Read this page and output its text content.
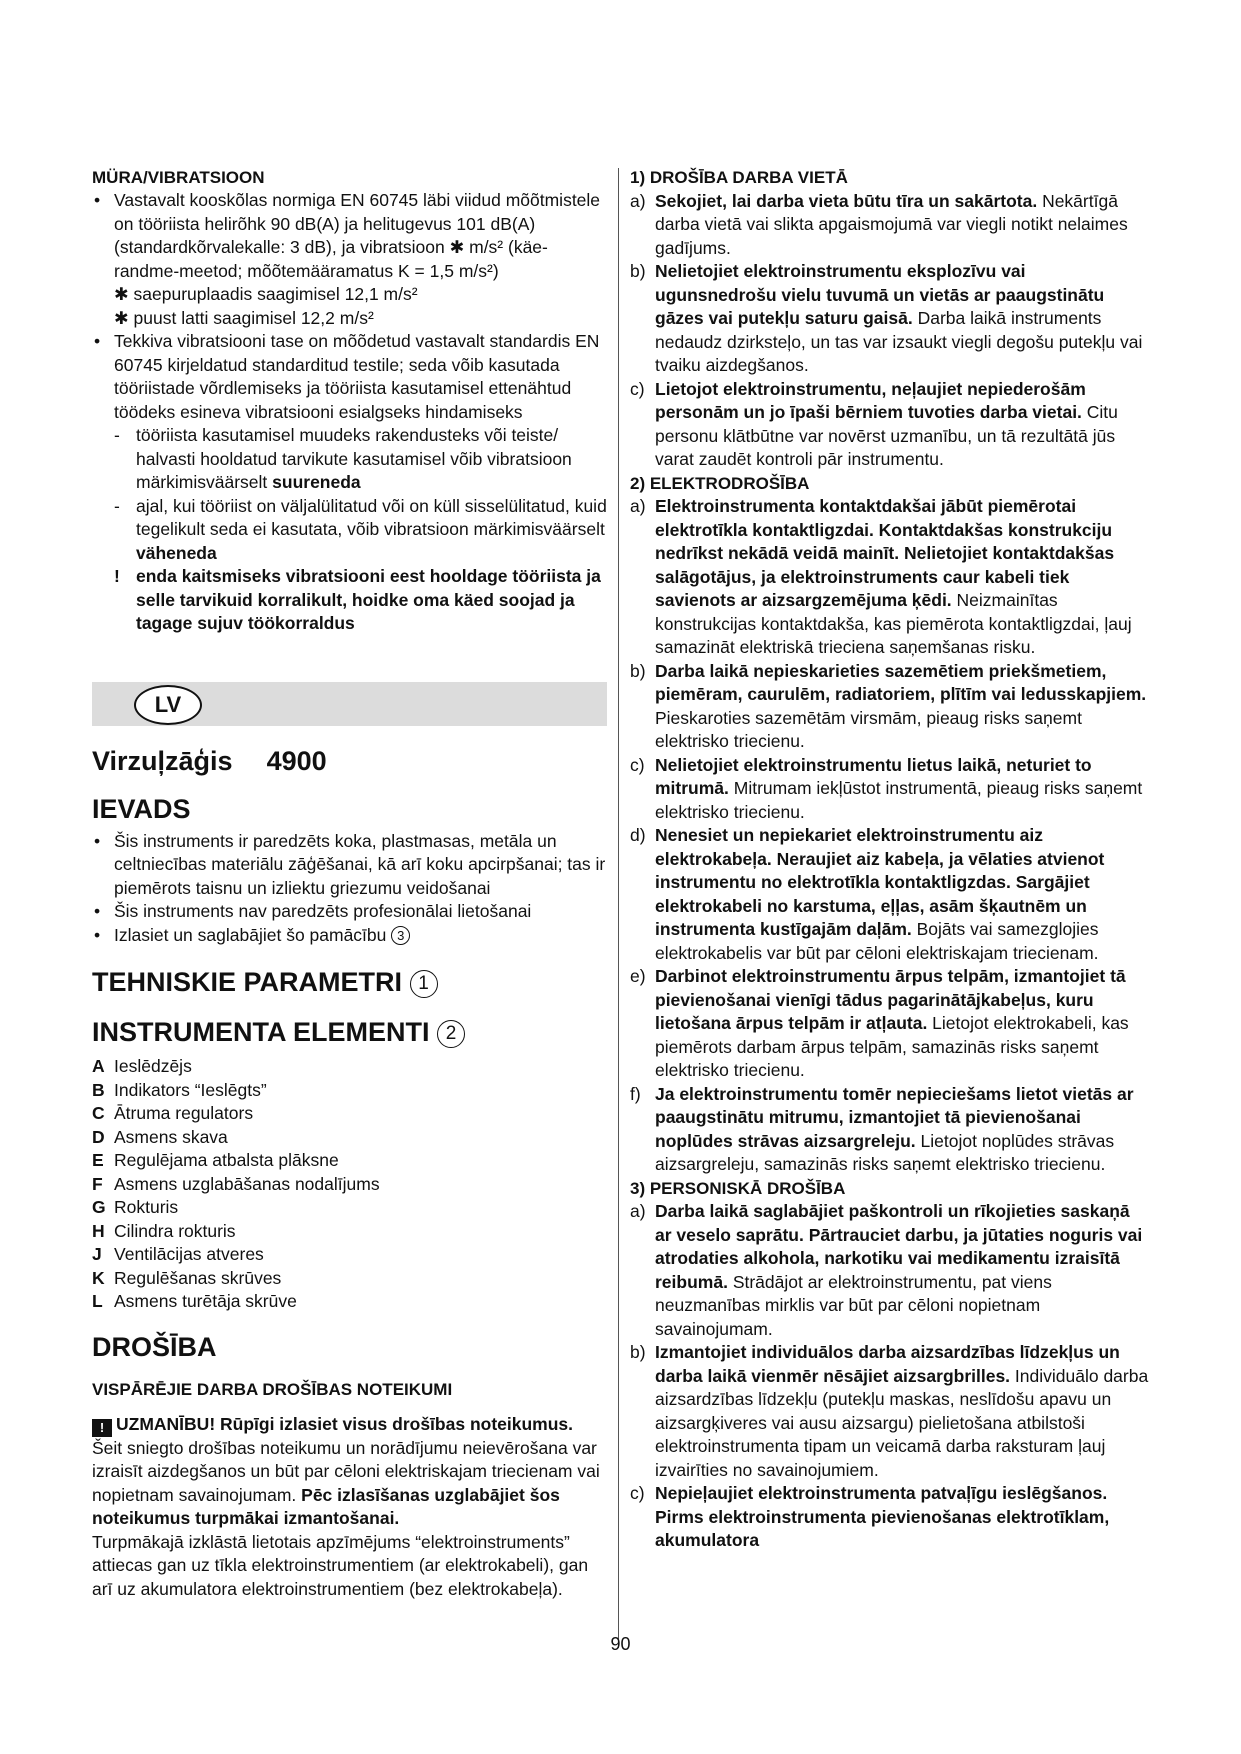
MÜRA/VIBRATSIOON
• Vastavalt kooskõlas normiga EN 60745 läbi viidud mõõtmistele on tööriista helirõhk 90 dB(A) ja helitugevus 101 dB(A) (standardkõrvalekalle: 3 dB), ja vibratsioon ✱ m/s² (käe-randme-meetod; mõõtemääramatus K = 1,5 m/s²)
✱ saepuruplaadis saagimisel 12,1 m/s²
✱ puust latti saagimisel 12,2 m/s²
• Tekkiva vibratsiooni tase on mõõdetud vastavalt standardis EN 60745 kirjeldatud standarditud testile; seda võib kasutada tööriistade võrdlemiseks ja tööriista kasutamisel ettenähtud töödeks esineva vibratsiooni esialgseks hindamiseks
- tööriista kasutamisel muudeks rakendusteks või teiste/ halvasti hooldatud tarvikute kasutamisel võib vibratsioon märkimisväärselt suureneda
- ajal, kui tööriist on väljalülitatud või on küll sisselülitatud, kuid tegelikult seda ei kasutata, võib vibratsioon märkimisväärselt väheneda
! enda kaitsmiseks vibratsiooni eest hooldage tööriista ja selle tarvikuid korralikult, hoidke oma käed soojad ja tagage sujuv töökorraldus
LV
Virzuļzāģis 4900
IEVADS
• Šis instruments ir paredzēts koka, plastmasas, metāla un celtniecības materiālu zāģēšanai, kā arī koku apcirpšanai; tas ir piemērots taisnu un izliektu griezumu veidošanai
• Šis instruments nav paredzēts profesionālai lietošanai
• Izlasiet un saglabājiet šo pamācību 3
TEHNISKIE PARAMETRI 1
INSTRUMENTA ELEMENTI 2
A Ieslēdzējs
B Indikators “Ieslēgts”
C Ātruma regulators
D Asmens skava
E Regulējama atbalsta plāksne
F Asmens uzglabāšanas nodalījums
G Rokturis
H Cilindra rokturis
J Ventilācijas atveres
K Regulēšanas skrūves
L Asmens turētāja skrūve
DROŠĪBA
VISPĀRĒJIE DARBA DROŠĪBAS NOTEIKUMI
! UZMANĪBU! Rūpīgi izlasiet visus drošības noteikumus.
Šeit sniegto drošības noteikumu un norādījumu neievērošana var izraisīt aizdegšanos un būt par cēloni elektriskajam triecienam vai nopietnam savainojumam. Pēc izlasīšanas uzglabājiet šos noteikumus turpmākai izmantošanai.
Turpmākajā izklāstā lietotais apzīmējums “elektroinstruments” attiecas gan uz tīkla elektroinstrumentiem (ar elektrokabeli), gan arī uz akumulatora elektroinstrumentiem (bez elektrokabeļa).
1) DROŠĪBA DARBA VIETĀ
a) Sekojiet, lai darba vieta būtu tīra un sakārtota. Nekārtīgā darba vietā vai slikta apgaismojumā var viegli notikt nelaimes gadījums.
b) Nelietojiet elektroinstrumentu eksplozīvu vai ugunsnedrošu vielu tuvumā un vietās ar paaugstinātu gāzes vai putekļu saturu gaisā. Darba laikā instruments nedaudz dzirksteļo, un tas var izsaukt viegli degošu putekļu vai tvaiku aizdegšanos.
c) Lietojot elektroinstrumentu, neļaujiet nepiederošām personām un jo īpaši bērniem tuvoties darba vietai. Citu personu klātbūtne var novērst uzmanību, un tā rezultātā jūs varat zaudēt kontroli pār instrumentu.
2) ELEKTRODROŠĪBA
a) Elektroinstrumenta kontaktdakšai jābūt piemērotai elektrotīkla kontaktligzdai. Kontaktdakšas konstrukciju nedrīkst nekādā veidā mainīt. Nelietojiet kontaktdakšas salāgotājus, ja elektroinstruments caur kabeli tiek savienots ar aizsargzemējuma ķēdi. Neizmainītas konstrukcijas kontaktdakša, kas piemērota kontaktligzdai, ļauj samazināt elektriskā trieciena saņemšanas risku.
b) Darba laikā nepieskarieties sazemētiem priekšmetiem, piemēram, caurulēm, radiatoriem, plītīm vai ledusskapjiem. Pieskaroties sazemētām virsmām, pieaug risks saņemt elektrisko triecienu.
c) Nelietojiet elektroinstrumentu lietus laikā, neturiet to mitrumā. Mitrumam iekļūstot instrumentā, pieaug risks saņemt elektrisko triecienu.
d) Nenesiet un nepiekariet elektroinstrumentu aiz elektrokabeļa. Neraujiet aiz kabeļa, ja vēlaties atvienot instrumentu no elektrotīkla kontaktligzdas. Sargājiet elektrokabeli no karstuma, eļļas, asām šķautnēm un instrumenta kustīgajām daļām. Bojāts vai samezglojies elektrokabelis var būt par cēloni elektriskajam triecienam.
e) Darbinot elektroinstrumentu ārpus telpām, izmantojiet tā pievienošanai vienīgi tādus pagarinātājkabeļus, kuru lietošana ārpus telpām ir atļauta. Lietojot elektrokabeli, kas piemērots darbam ārpus telpām, samazinās risks saņemt elektrisko triecienu.
f) Ja elektroinstrumentu tomēr nepieciešams lietot vietās ar paaugstinātu mitrumu, izmantojiet tā pievienošanai noplūdes strāvas aizsargreleju. Lietojot noplūdes strāvas aizsargreleju, samazinās risks saņemt elektrisko triecienu.
3) PERSONISKĀ DROŠĪBA
a) Darba laikā saglabājiet paškontroli un rīkojieties saskaņā ar veselo saprātu. Pārtrauciet darbu, ja jūtaties noguris vai atrodaties alkohola, narkotiku vai medikamentu izraisītā reibumā. Strādājot ar elektroinstrumentu, pat viens neuzmanības mirklis var būt par cēloni nopietnam savainojumam.
b) Izmantojiet individuālos darba aizsardzības līdzekļus un darba laikā vienmēr nēsājiet aizsargbrilles. Individuālo darba aizsardzības līdzekļu (putekļu maskas, neslīdošu apavu un aizsargķiveres vai ausu aizsargu) pielietošana atbilstoši elektroinstrumenta tipam un veicamā darba raksturam ļauj izvairīties no savainojumiem.
c) Nepieļaujiet elektroinstrumenta patvaļīgu ieslēgšanos. Pirms elektroinstrumenta pievienošanas elektrotīklam, akumulatora
90
